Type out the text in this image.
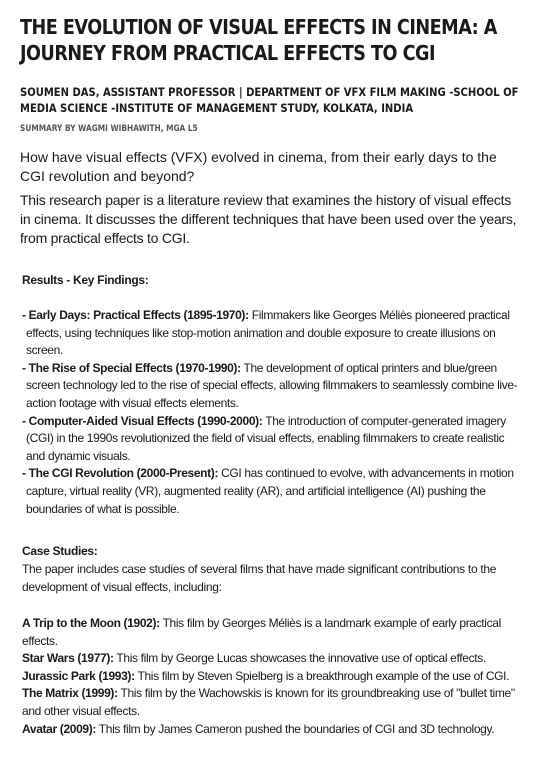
THE EVOLUTION OF VISUAL EFFECTS IN CINEMA: A JOURNEY FROM PRACTICAL EFFECTS TO CGI

SOUMEN DAS, ASSISTANT PROFESSOR | DEPARTMENT OF VFX FILM MAKING -SCHOOL OF MEDIA SCIENCE -INSTITUTE OF MANAGEMENT STUDY, KOLKATA, INDIA

SUMMARY BY WAGMI WIBHAWITH, MGA L5

How have visual effects (VFX) evolved in cinema, from their early days to the CGI revolution and beyond?

This research paper is a literature review that examines the history of visual effects in cinema. It discusses the different techniques that have been used over the years, from practical effects to CGI.

Results - Key Findings:
- Early Days: Practical Effects (1895-1970): Filmmakers like Georges Méliès pioneered practical effects, using techniques like stop-motion animation and double exposure to create illusions on screen.
- The Rise of Special Effects (1970-1990): The development of optical printers and blue/green screen technology led to the rise of special effects, allowing filmmakers to seamlessly combine live-action footage with visual effects elements.
- Computer-Aided Visual Effects (1990-2000): The introduction of computer-generated imagery (CGI) in the 1990s revolutionized the field of visual effects, enabling filmmakers to create realistic and dynamic visuals.
- The CGI Revolution (2000-Present): CGI has continued to evolve, with advancements in motion capture, virtual reality (VR), augmented reality (AR), and artificial intelligence (AI) pushing the boundaries of what is possible.
Case Studies:

The paper includes case studies of several films that have made significant contributions to the development of visual effects, including:

A Trip to the Moon (1902): This film by Georges Méliès is a landmark example of early practical effects.
Star Wars (1977): This film by George Lucas showcases the innovative use of optical effects.
Jurassic Park (1993): This film by Steven Spielberg is a breakthrough example of the use of CGI.
The Matrix (1999): This film by the Wachowskis is known for its groundbreaking use of "bullet time" and other visual effects.
Avatar (2009): This film by James Cameron pushed the boundaries of CGI and 3D technology.
